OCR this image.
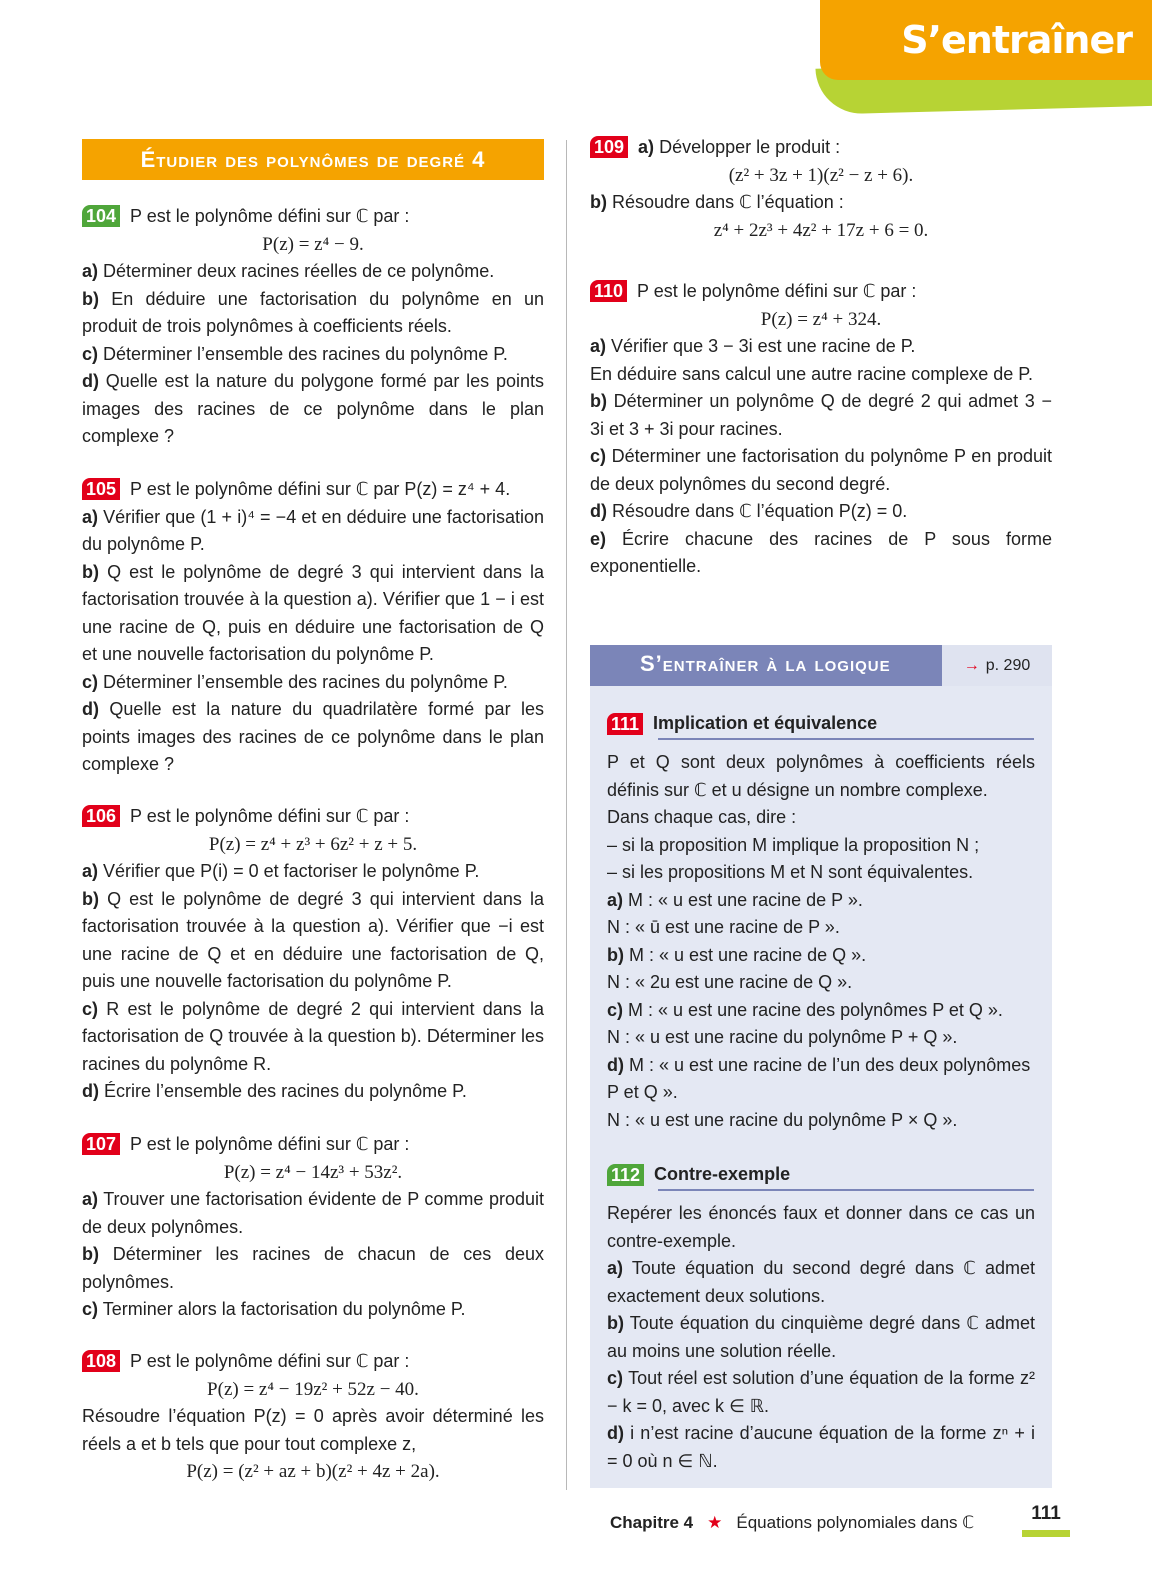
S’entraîner
Étudier des polynômes de degré 4

104 P est le polynôme défini sur ℂ par :

P(z) = z⁴ − 9.

a) Déterminer deux racines réelles de ce polynôme.

b) En déduire une factorisation du polynôme en un produit de trois polynômes à coefficients réels.

c) Déterminer l’ensemble des racines du polynôme P.

d) Quelle est la nature du polygone formé par les points images des racines de ce polynôme dans le plan complexe ?

105 P est le polynôme défini sur ℂ par P(z) = z⁴ + 4.

a) Vérifier que (1 + i)⁴ = −4 et en déduire une factorisation du polynôme P.

b) Q est le polynôme de degré 3 qui intervient dans la factorisation trouvée à la question a). Vérifier que 1 − i est une racine de Q, puis en déduire une factorisation de Q et une nouvelle factorisation du polynôme P.

c) Déterminer l’ensemble des racines du polynôme P.

d) Quelle est la nature du quadrilatère formé par les points images des racines de ce polynôme dans le plan complexe ?

106 P est le polynôme défini sur ℂ par :

P(z) = z⁴ + z³ + 6z² + z + 5.

a) Vérifier que P(i) = 0 et factoriser le polynôme P.

b) Q est le polynôme de degré 3 qui intervient dans la factorisation trouvée à la question a). Vérifier que −i est une racine de Q et en déduire une factorisation de Q, puis une nouvelle factorisation du polynôme P.

c) R est le polynôme de degré 2 qui intervient dans la factorisation de Q trouvée à la question b). Déterminer les racines du polynôme R.

d) Écrire l’ensemble des racines du polynôme P.

107 P est le polynôme défini sur ℂ par :

P(z) = z⁴ − 14z³ + 53z².

a) Trouver une factorisation évidente de P comme produit de deux polynômes.

b) Déterminer les racines de chacun de ces deux polynômes.

c) Terminer alors la factorisation du polynôme P.

108 P est le polynôme défini sur ℂ par :

P(z) = z⁴ − 19z² + 52z − 40.

Résoudre l’équation P(z) = 0 après avoir déterminé les réels a et b tels que pour tout complexe z,

P(z) = (z² + az + b)(z² + 4z + 2a).

109 a) Développer le produit :

(z² + 3z + 1)(z² − z + 6).

b) Résoudre dans ℂ l’équation :

z⁴ + 2z³ + 4z² + 17z + 6 = 0.

110 P est le polynôme défini sur ℂ par :

P(z) = z⁴ + 324.

a) Vérifier que 3 − 3i est une racine de P.

En déduire sans calcul une autre racine complexe de P.

b) Déterminer un polynôme Q de degré 2 qui admet 3 − 3i et 3 + 3i pour racines.

c) Déterminer une factorisation du polynôme P en produit de deux polynômes du second degré.

d) Résoudre dans ℂ l’équation P(z) = 0.

e) Écrire chacune des racines de P sous forme exponentielle.

S’entraîner à la logique	→ p. 290

111 Implication et équivalence

P et Q sont deux polynômes à coefficients réels définis sur ℂ et u désigne un nombre complexe.

Dans chaque cas, dire :

– si la proposition M implique la proposition N ;

– si les propositions M et N sont équivalentes.

a) M : « u est une racine de P ».

N : « ū est une racine de P ».

b) M : « u est une racine de Q ».

N : « 2u est une racine de Q ».

c) M : « u est une racine des polynômes P et Q ».

N : « u est une racine du polynôme P + Q ».

d) M : « u est une racine de l’un des deux polynômes P et Q ».

N : « u est une racine du polynôme P × Q ».

112 Contre-exemple

Repérer les énoncés faux et donner dans ce cas un contre-exemple.

a) Toute équation du second degré dans ℂ admet exactement deux solutions.

b) Toute équation du cinquième degré dans ℂ admet au moins une solution réelle.

c) Tout réel est solution d’une équation de la forme z² − k = 0, avec k ∈ ℝ.

d) i n’est racine d’aucune équation de la forme zⁿ + i = 0 où n ∈ ℕ.

Chapitre 4 ★ Équations polynomiales dans ℂ	111
